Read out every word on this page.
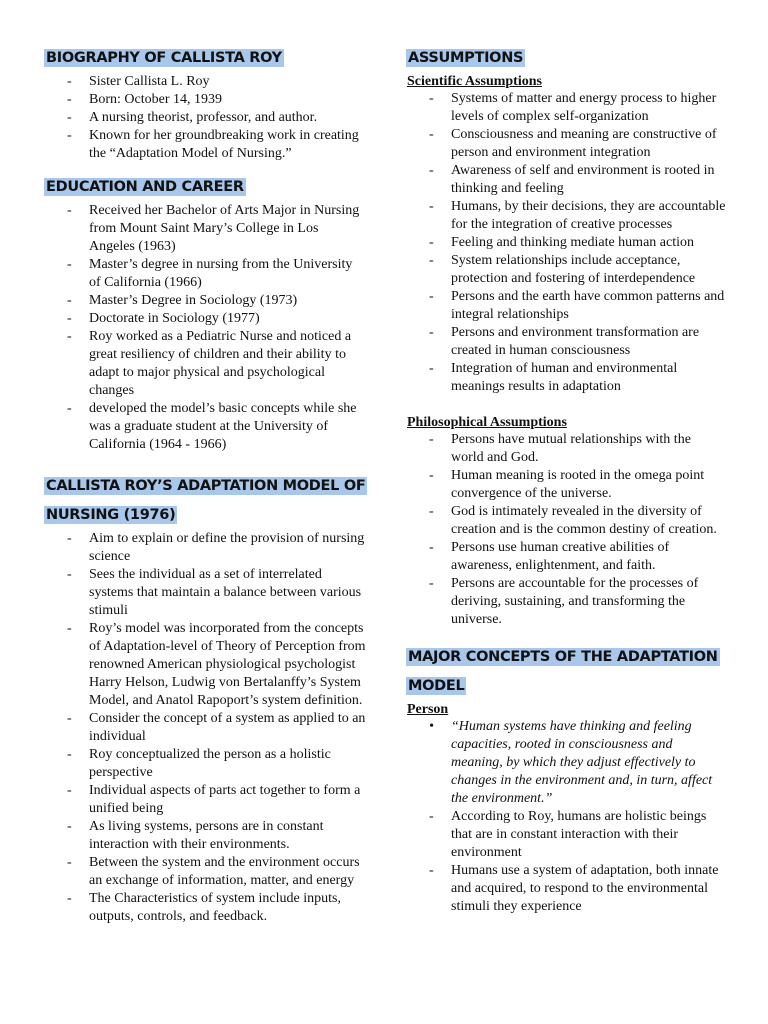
BIOGRAPHY OF CALLISTA ROY
- Sister Callista L. Roy
- Born: October 14, 1939
- A nursing theorist, professor, and author.
- Known for her groundbreaking work in creating the “Adaptation Model of Nursing.”
EDUCATION AND CAREER
- Received her Bachelor of Arts Major in Nursing from Mount Saint Mary’s College in Los Angeles (1963)
- Master’s degree in nursing from the University of California (1966)
- Master’s Degree in Sociology (1973)
- Doctorate in Sociology (1977)
- Roy worked as a Pediatric Nurse and noticed a great resiliency of children and their ability to adapt to major physical and psychological changes
- developed the model’s basic concepts while she was a graduate student at the University of California (1964 - 1966)
CALLISTA ROY’S ADAPTATION MODEL OF NURSING (1976)
- Aim to explain or define the provision of nursing science
- Sees the individual as a set of interrelated systems that maintain a balance between various stimuli
- Roy’s model was incorporated from the concepts of Adaptation-level of Theory of Perception from renowned American physiological psychologist Harry Helson, Ludwig von Bertalanffy’s System Model, and Anatol Rapoport’s system definition.
- Consider the concept of a system as applied to an individual
- Roy conceptualized the person as a holistic perspective
- Individual aspects of parts act together to form a unified being
- As living systems, persons are in constant interaction with their environments.
- Between the system and the environment occurs an exchange of information, matter, and energy
- The Characteristics of system include inputs, outputs, controls, and feedback.
ASSUMPTIONS
Scientific Assumptions
- Systems of matter and energy process to higher levels of complex self-organization
- Consciousness and meaning are constructive of person and environment integration
- Awareness of self and environment is rooted in thinking and feeling
- Humans, by their decisions, they are accountable for the integration of creative processes
- Feeling and thinking mediate human action
- System relationships include acceptance, protection and fostering of interdependence
- Persons and the earth have common patterns and integral relationships
- Persons and environment transformation are created in human consciousness
- Integration of human and environmental meanings results in adaptation
Philosophical Assumptions
- Persons have mutual relationships with the world and God.
- Human meaning is rooted in the omega point convergence of the universe.
- God is intimately revealed in the diversity of creation and is the common destiny of creation.
- Persons use human creative abilities of awareness, enlightenment, and faith.
- Persons are accountable for the processes of deriving, sustaining, and transforming the universe.
MAJOR CONCEPTS OF THE ADAPTATION MODEL
Person
• “Human systems have thinking and feeling capacities, rooted in consciousness and meaning, by which they adjust effectively to changes in the environment and, in turn, affect the environment.”
- According to Roy, humans are holistic beings that are in constant interaction with their environment
- Humans use a system of adaptation, both innate and acquired, to respond to the environmental stimuli they experience
